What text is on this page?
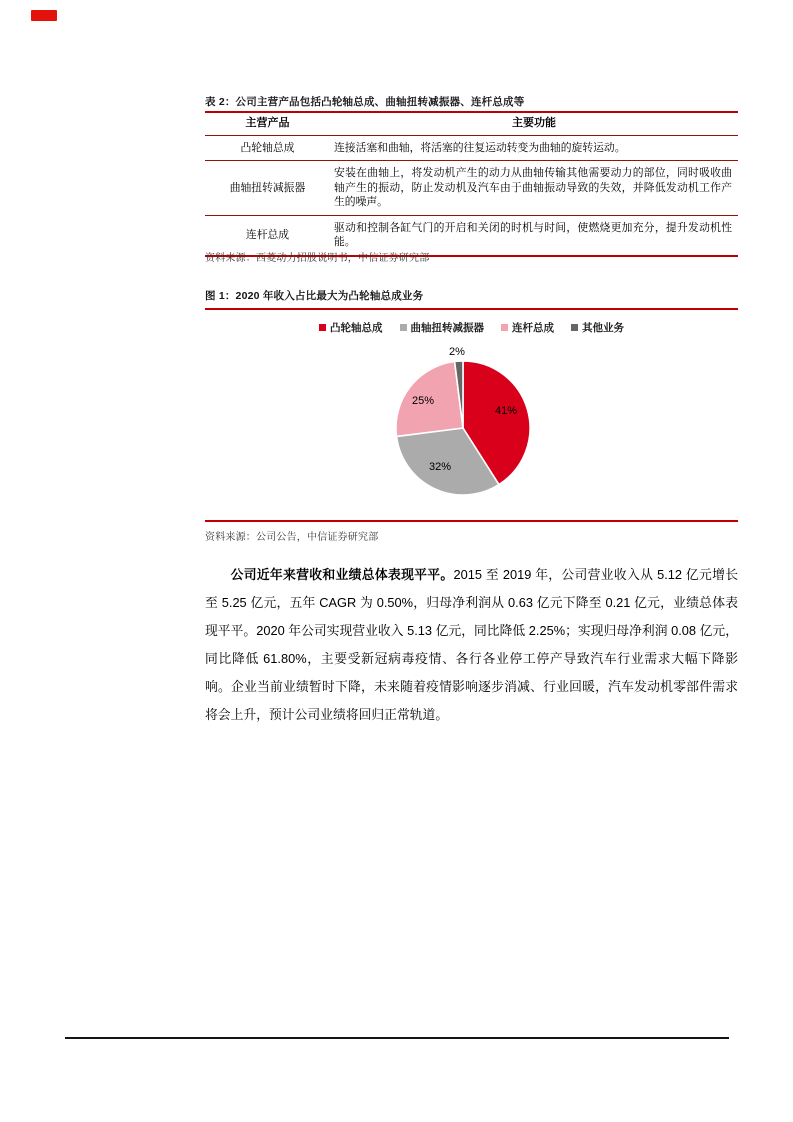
表 2：公司主营产品包括凸轮轴总成、曲轴扭转减振器、连杆总成等
主营产品	主要功能
凸轮轴总成	连接活塞和曲轴，将活塞的往复运动转变为曲轴的旋转运动。
曲轴扭转减振器	安装在曲轴上，将发动机产生的动力从曲轴传输其他需要动力的部位，同时吸收曲轴产生的振动，防止发动机及汽车由于曲轴振动导致的失效，并降低发动机工作产生的噪声。
连杆总成	驱动和控制各缸气门的开启和关闭的时机与时间，使燃烧更加充分，提升发动机性能。
资料来源：西菱动力招股说明书，中信证券研究部
图 1：2020 年收入占比最大为凸轮轴总成业务
凸轮轴总成	曲轴扭转减振器	连杆总成	其他业务
41%
32%
25%
2%
资料来源：公司公告，中信证券研究部

公司近年来营收和业绩总体表现平平。2015 至 2019 年，公司营业收入从 5.12 亿元增长至 5.25 亿元，五年 CAGR 为 0.50%，归母净利润从 0.63 亿元下降至 0.21 亿元，业绩总体表现平平。2020 年公司实现营业收入 5.13 亿元，同比降低 2.25%；实现归母净利润 0.08 亿元，同比降低 61.80%，主要受新冠病毒疫情、各行各业停工停产导致汽车行业需求大幅下降影响。企业当前业绩暂时下降，未来随着疫情影响逐步消减、行业回暖，汽车发动机零部件需求将会上升，预计公司业绩将回归正常轨道。
